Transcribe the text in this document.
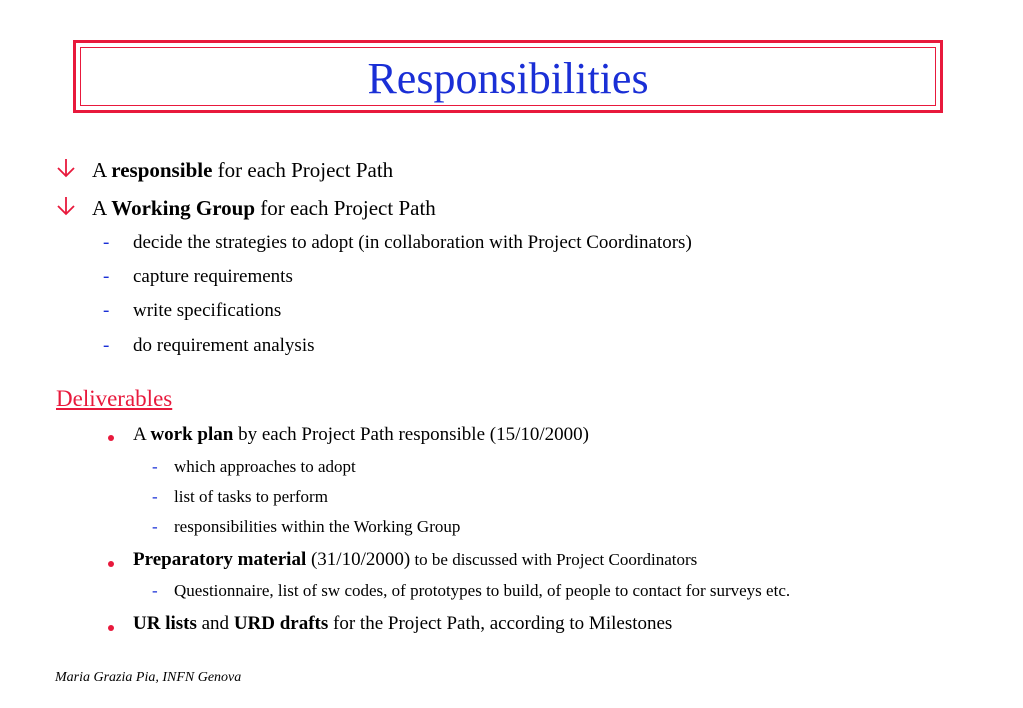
Responsibilities
A responsible for each Project Path
A Working Group for each Project Path
- decide the strategies to adopt (in collaboration with Project Coordinators)
- capture requirements
- write specifications
- do requirement analysis
Deliverables
A work plan by each Project Path responsible (15/10/2000)
- which approaches to adopt
- list of tasks to perform
- responsibilities within the Working Group
Preparatory material (31/10/2000) to be discussed with Project Coordinators
- Questionnaire, list of sw codes, of prototypes to build, of people to contact for surveys etc.
UR lists and URD drafts for the Project Path, according to Milestones
Maria Grazia Pia, INFN Genova
